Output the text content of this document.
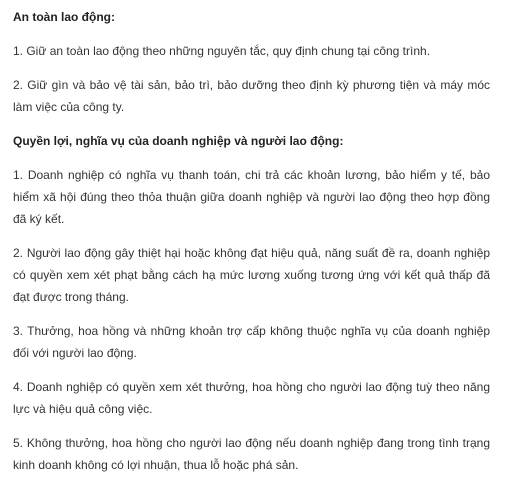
An toàn lao động:

1. Giữ an toàn lao động theo những nguyên tắc, quy định chung tại công trình.

2. Giữ gìn và bảo vệ tài sản, bảo trì, bảo dưỡng theo định kỳ phương tiện và máy móc làm việc của công ty.

Quyền lợi, nghĩa vụ của doanh nghiệp và người lao động:

1. Doanh nghiệp có nghĩa vụ thanh toán, chi trả các khoản lương, bảo hiểm y tế, bảo hiểm xã hội đúng theo thỏa thuận giữa doanh nghiệp và người lao động theo hợp đồng đã ký kết.

2. Người lao động gây thiệt hại hoặc không đạt hiệu quả, năng suất đề ra, doanh nghiệp có quyền xem xét phạt bằng cách hạ mức lương xuống tương ứng với kết quả thấp đã đạt được trong tháng.

3. Thưởng, hoa hồng và những khoản trợ cấp không thuộc nghĩa vụ của doanh nghiệp đối với người lao động.

4. Doanh nghiệp có quyền xem xét thưởng, hoa hồng cho người lao động tuỳ theo năng lực và hiệu quả công việc.

5. Không thưởng, hoa hồng cho người lao động nếu doanh nghiệp đang trong tình trạng kinh doanh không có lợi nhuận, thua lỗ hoặc phá sản.
